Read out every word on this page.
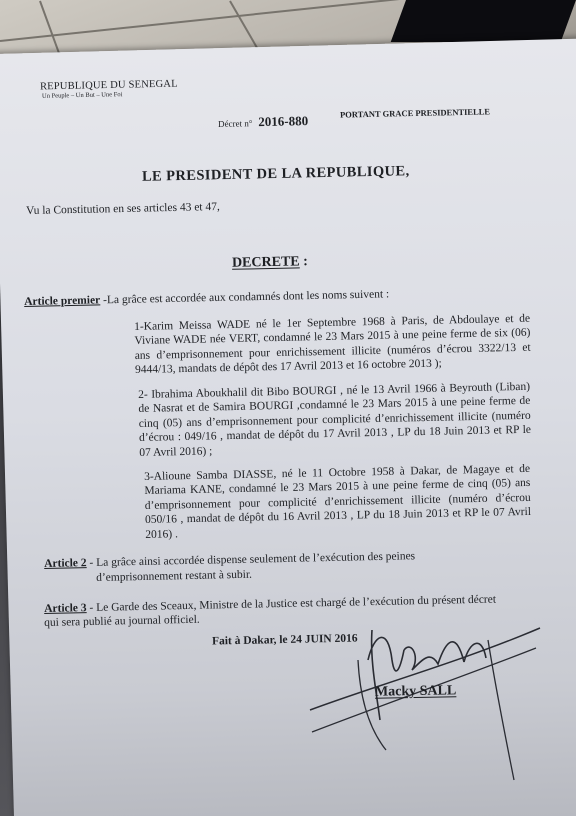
REPUBLIQUE DU SENEGAL
Un Peuple – Un But – Une Foi
Décret n° 2016-880
PORTANT GRACE PRESIDENTIELLE
LE PRESIDENT DE LA REPUBLIQUE,
Vu la Constitution en ses articles 43 et 47,
DECRETE :
Article premier -La grâce est accordée aux condamnés dont les noms suivent :
1-Karim Meissa WADE né le 1er Septembre 1968 à Paris, de Abdoulaye et de Viviane WADE née VERT, condamné le 23 Mars 2015 à une peine ferme de six (06) ans d’emprisonnement pour enrichissement illicite (numéros d’écrou 3322/13 et 9444/13, mandats de dépôt des 17 Avril 2013 et 16 octobre 2013 );
2- Ibrahima Aboukhalil dit Bibo BOURGI , né le 13 Avril 1966 à Beyrouth (Liban) de Nasrat et de Samira BOURGI ,condamné le 23 Mars 2015 à une peine ferme de cinq (05) ans d’emprisonnement pour complicité d’enrichissement illicite (numéro d’écrou : 049/16 , mandat de dépôt du 17 Avril 2013 , LP du 18 Juin 2013 et RP le 07 Avril 2016) ;
3-Alioune Samba DIASSE, né le 11 Octobre 1958 à Dakar, de Magaye et de Mariama KANE, condamné le 23 Mars 2015 à une peine ferme de cinq (05) ans d’emprisonnement pour complicité d’enrichissement illicite (numéro d’écrou 050/16 , mandat de dépôt du 16 Avril 2013 , LP du 18 Juin 2013 et RP le 07 Avril 2016) .
Article 2 - La grâce ainsi accordée dispense seulement de l’exécution des peines
d’emprisonnement restant à subir.
Article 3 - Le Garde des Sceaux, Ministre de la Justice est chargé de l’exécution du présent décret
qui sera publié au journal officiel.
Fait à Dakar, le 24 JUIN 2016
Macky SALL
